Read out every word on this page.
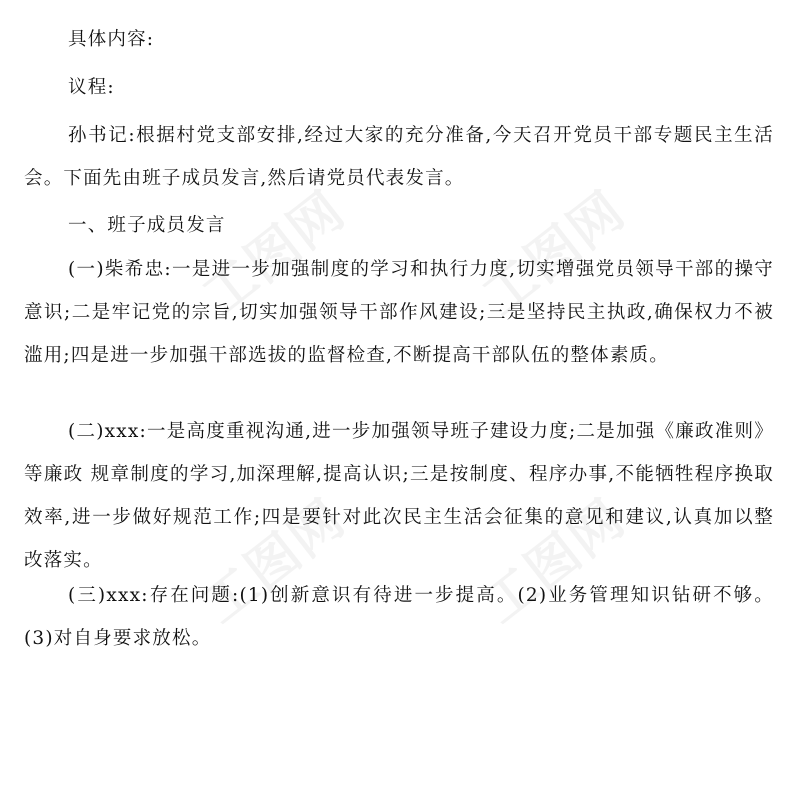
工图网 工图网
工图网 工图网

具体内容:

议程:

孙书记:根据村党支部安排,经过大家的充分准备,今天召开党员干部专题民主生活会。下面先由班子成员发言,然后请党员代表发言。

一、班子成员发言

(一)柴希忠:一是进一步加强制度的学习和执行力度,切实增强党员领导干部的操守意识;二是牢记党的宗旨,切实加强领导干部作风建设;三是坚持民主执政,确保权力不被滥用;四是进一步加强干部选拔的监督检查,不断提高干部队伍的整体素质。

(二)xxx:一是高度重视沟通,进一步加强领导班子建设力度;二是加强《廉政准则》等廉政 规章制度的学习,加深理解,提高认识;三是按制度、程序办事,不能牺牲程序换取效率,进一步做好规范工作;四是要针对此次民主生活会征集的意见和建议,认真加以整改落实。

(三)xxx:存在问题:(1)创新意识有待进一步提高。(2)业务管理知识钻研不够。(3)对自身要求放松。
